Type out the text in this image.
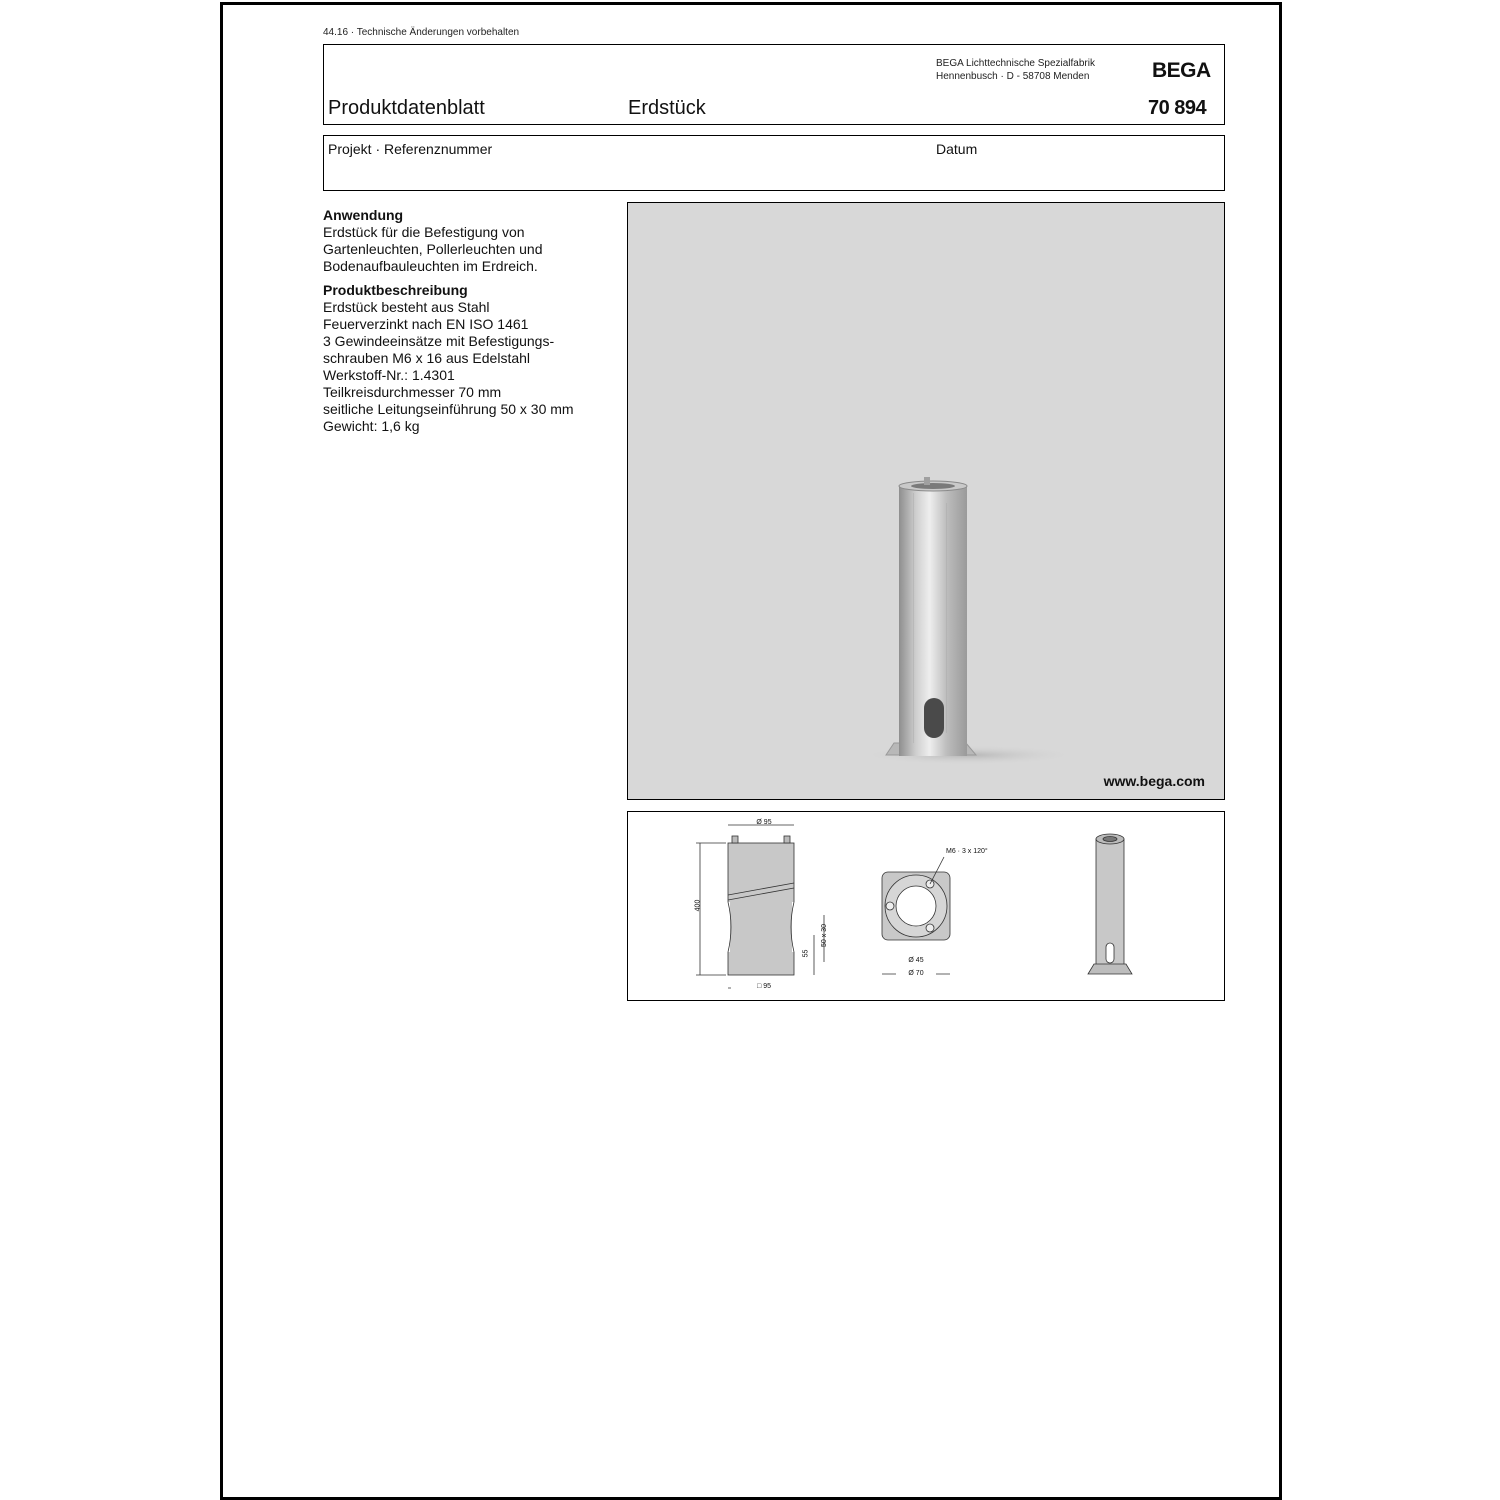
44.16 · Technische Änderungen vorbehalten
BEGA Lichttechnische Spezialfabrik
Hennenbusch · D - 58708 Menden	BEGA
Produktdatenblatt	Erdstück	70 894
Projekt · Referenznummer	Datum
Anwendung
Erdstück für die Befestigung von
Gartenleuchten, Pollerleuchten und
Bodenaufbauleuchten im Erdreich.
Produktbeschreibung
Erdstück besteht aus Stahl
Feuerverzinkt nach EN ISO 1461
3 Gewindeeinsätze mit Befestigungs-
schrauben M6 x 16 aus Edelstahl
Werkstoff-Nr.: 1.4301
Teilkreisdurchmesser 70 mm
seitliche Leitungseinführung 50 x 30 mm
Gewicht: 1,6 kg
www.bega.com
Ø 95
400
55
50 x 30
□ 95
M6 · 3 x 120°
Ø 45
Ø 70
